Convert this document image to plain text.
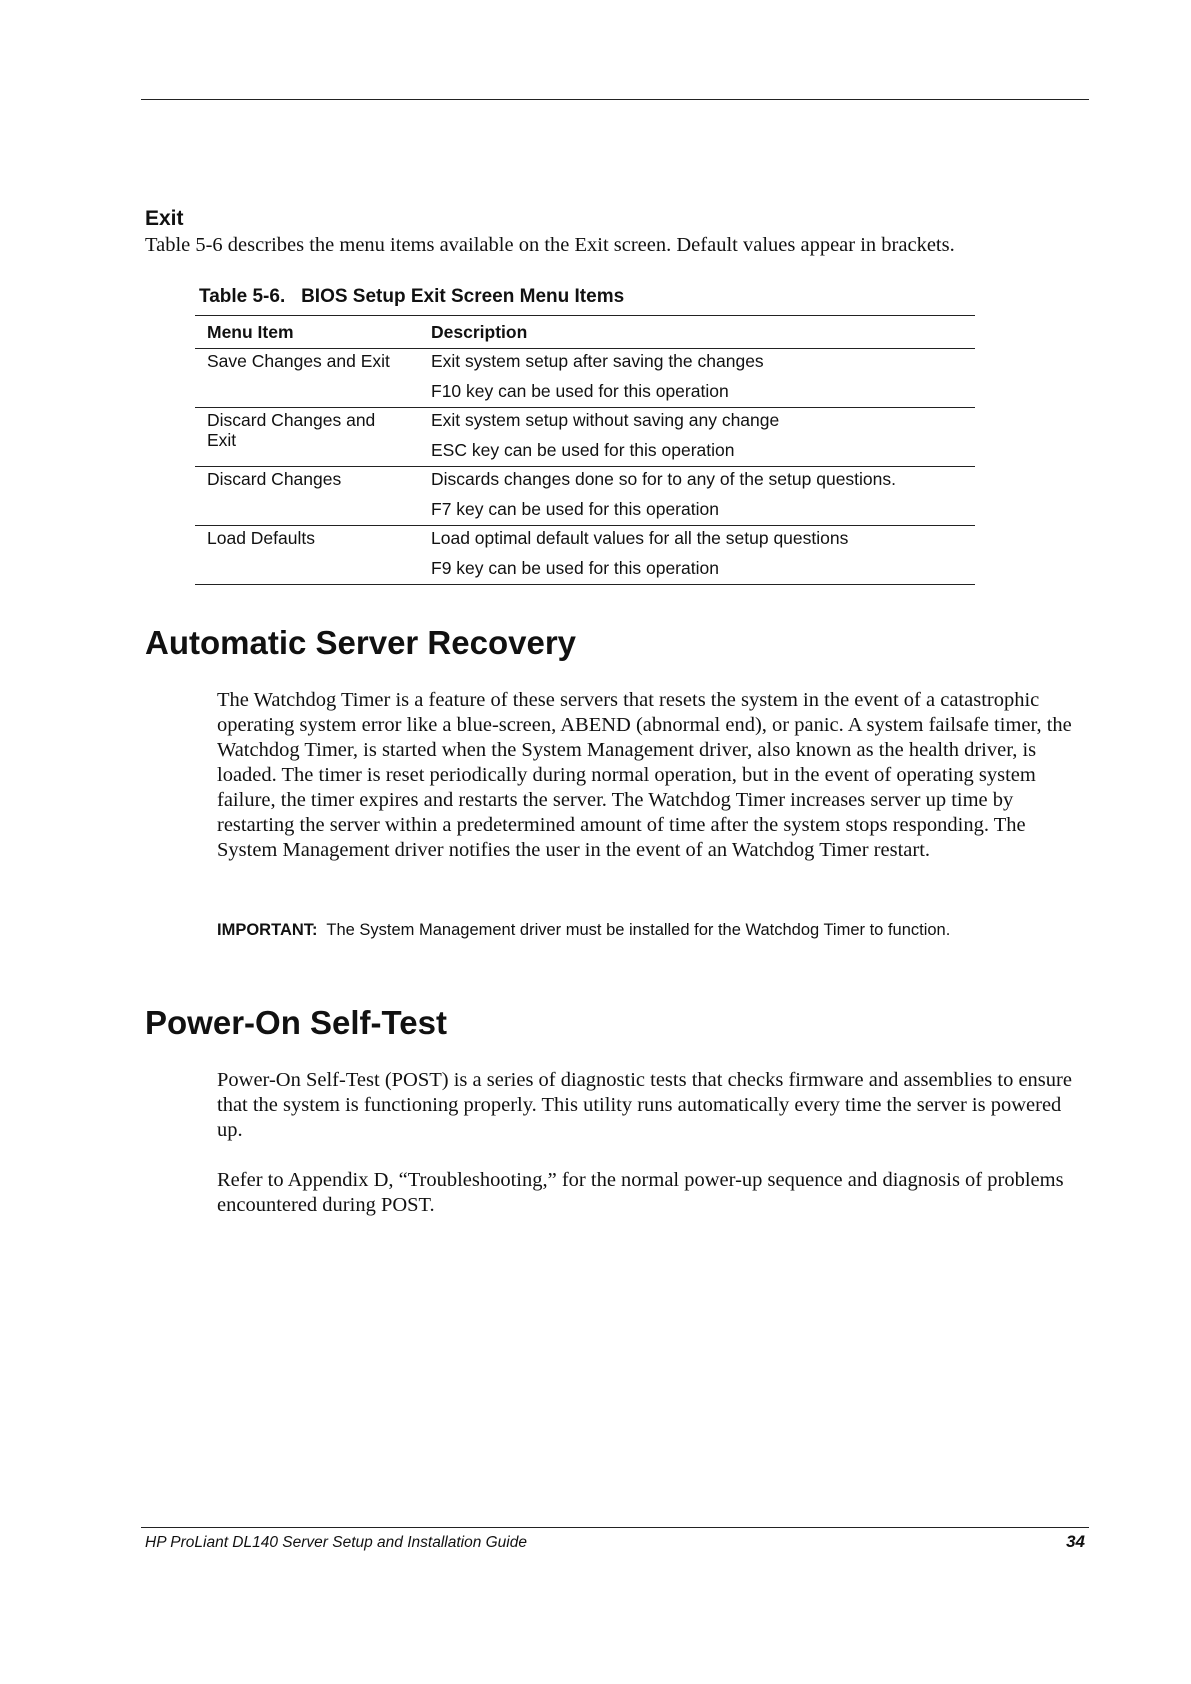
Exit
Table 5-6 describes the menu items available on the Exit screen. Default values appear in brackets.
Table 5-6.   BIOS Setup Exit Screen Menu Items
Menu Item	Description
Save Changes and Exit	Exit system setup after saving the changes
F10 key can be used for this operation

Discard Changes and Exit	Exit system setup without saving any change
ESC key can be used for this operation

Discard Changes	Discards changes done so for to any of the setup questions.
F7 key can be used for this operation

Load Defaults	Load optimal default values for all the setup questions
F9 key can be used for this operation
Automatic Server Recovery

The Watchdog Timer is a feature of these servers that resets the system in the event of a catastrophic operating system error like a blue-screen, ABEND (abnormal end), or panic. A system failsafe timer, the Watchdog Timer, is started when the System Management driver, also known as the health driver, is loaded. The timer is reset periodically during normal operation, but in the event of operating system failure, the timer expires and restarts the server. The Watchdog Timer increases server up time by restarting the server within a predetermined amount of time after the system stops responding. The System Management driver notifies the user in the event of an Watchdog Timer restart.

IMPORTANT: The System Management driver must be installed for the Watchdog Timer to function.
Power-On Self-Test

Power-On Self-Test (POST) is a series of diagnostic tests that checks firmware and assemblies to ensure that the system is functioning properly. This utility runs automatically every time the server is powered up.

Refer to Appendix D, “Troubleshooting,” for the normal power-up sequence and diagnosis of problems encountered during POST.

HP ProLiant DL140 Server Setup and Installation Guide	34
